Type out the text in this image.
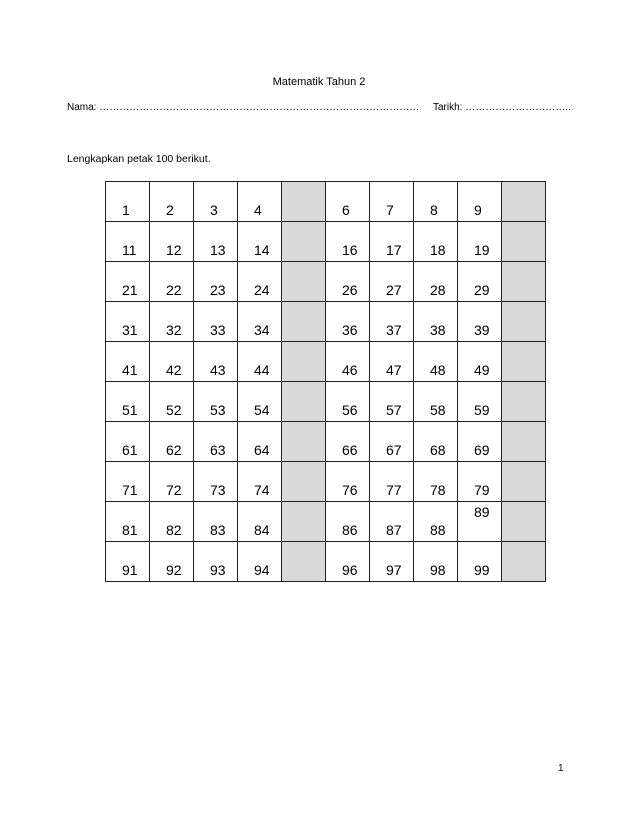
Matematik Tahun 2
Nama: …………………………………………………………………………………… Tarikh: …………………………..
Lengkapkan petak 100 berikut.
1	2	3	4		6	7	8	9	
11	12	13	14		16	17	18	19	
21	22	23	24		26	27	28	29	
31	32	33	34		36	37	38	39	
41	42	43	44		46	47	48	49	
51	52	53	54		56	57	58	59	
61	62	63	64		66	67	68	69	
71	72	73	74		76	77	78	79	
81	82	83	84		86	87	88	89	
91	92	93	94		96	97	98	99	
1
